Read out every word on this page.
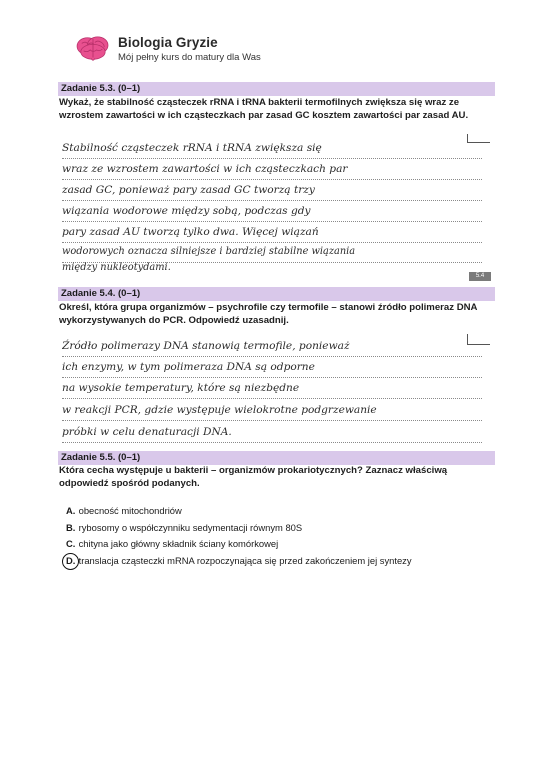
Biologia Gryzie
Mój pełny kurs do matury dla Was
Zadanie 5.3. (0–1)
Wykaż, że stabilność cząsteczek rRNA i tRNA bakterii termofilnych zwiększa się wraz ze wzrostem zawartości w ich cząsteczkach par zasad GC kosztem zawartości par zasad AU.
Stabilność cząsteczek rRNA i tRNA zwiększa się
wraz ze wzrostem zawartości w ich cząsteczkach par
zasad GC, ponieważ pary zasad GC tworzą trzy
wiązania wodorowe między sobą, podczas gdy
pary zasad AU tworzą tylko dwa. Więcej wiązań
wodorowych oznacza silniejsze i bardziej stabilne wiązania
między nukleotydami.
5.4
Zadanie 5.4. (0–1)
Określ, która grupa organizmów – psychrofile czy termofile – stanowi źródło polimeraz DNA wykorzystywanych do PCR. Odpowiedź uzasadnij.
Źródło polimerazy DNA stanowią termofile, ponieważ
ich enzymy, w tym polimeraza DNA są odporne
na wysokie temperatury, które są niezbędne
w reakcji PCR, gdzie występuje wielokrotne podgrzewanie
próbki w celu denaturacji DNA.
Zadanie 5.5. (0–1)
Która cecha występuje u bakterii – organizmów prokariotycznych? Zaznacz właściwą odpowiedź spośród podanych.
A. obecność mitochondriów
B. rybosomy o współczynniku sedymentacji równym 80S
C. chityna jako główny składnik ściany komórkowej
D. translacja cząsteczki mRNA rozpoczynająca się przed zakończeniem jej syntezy
